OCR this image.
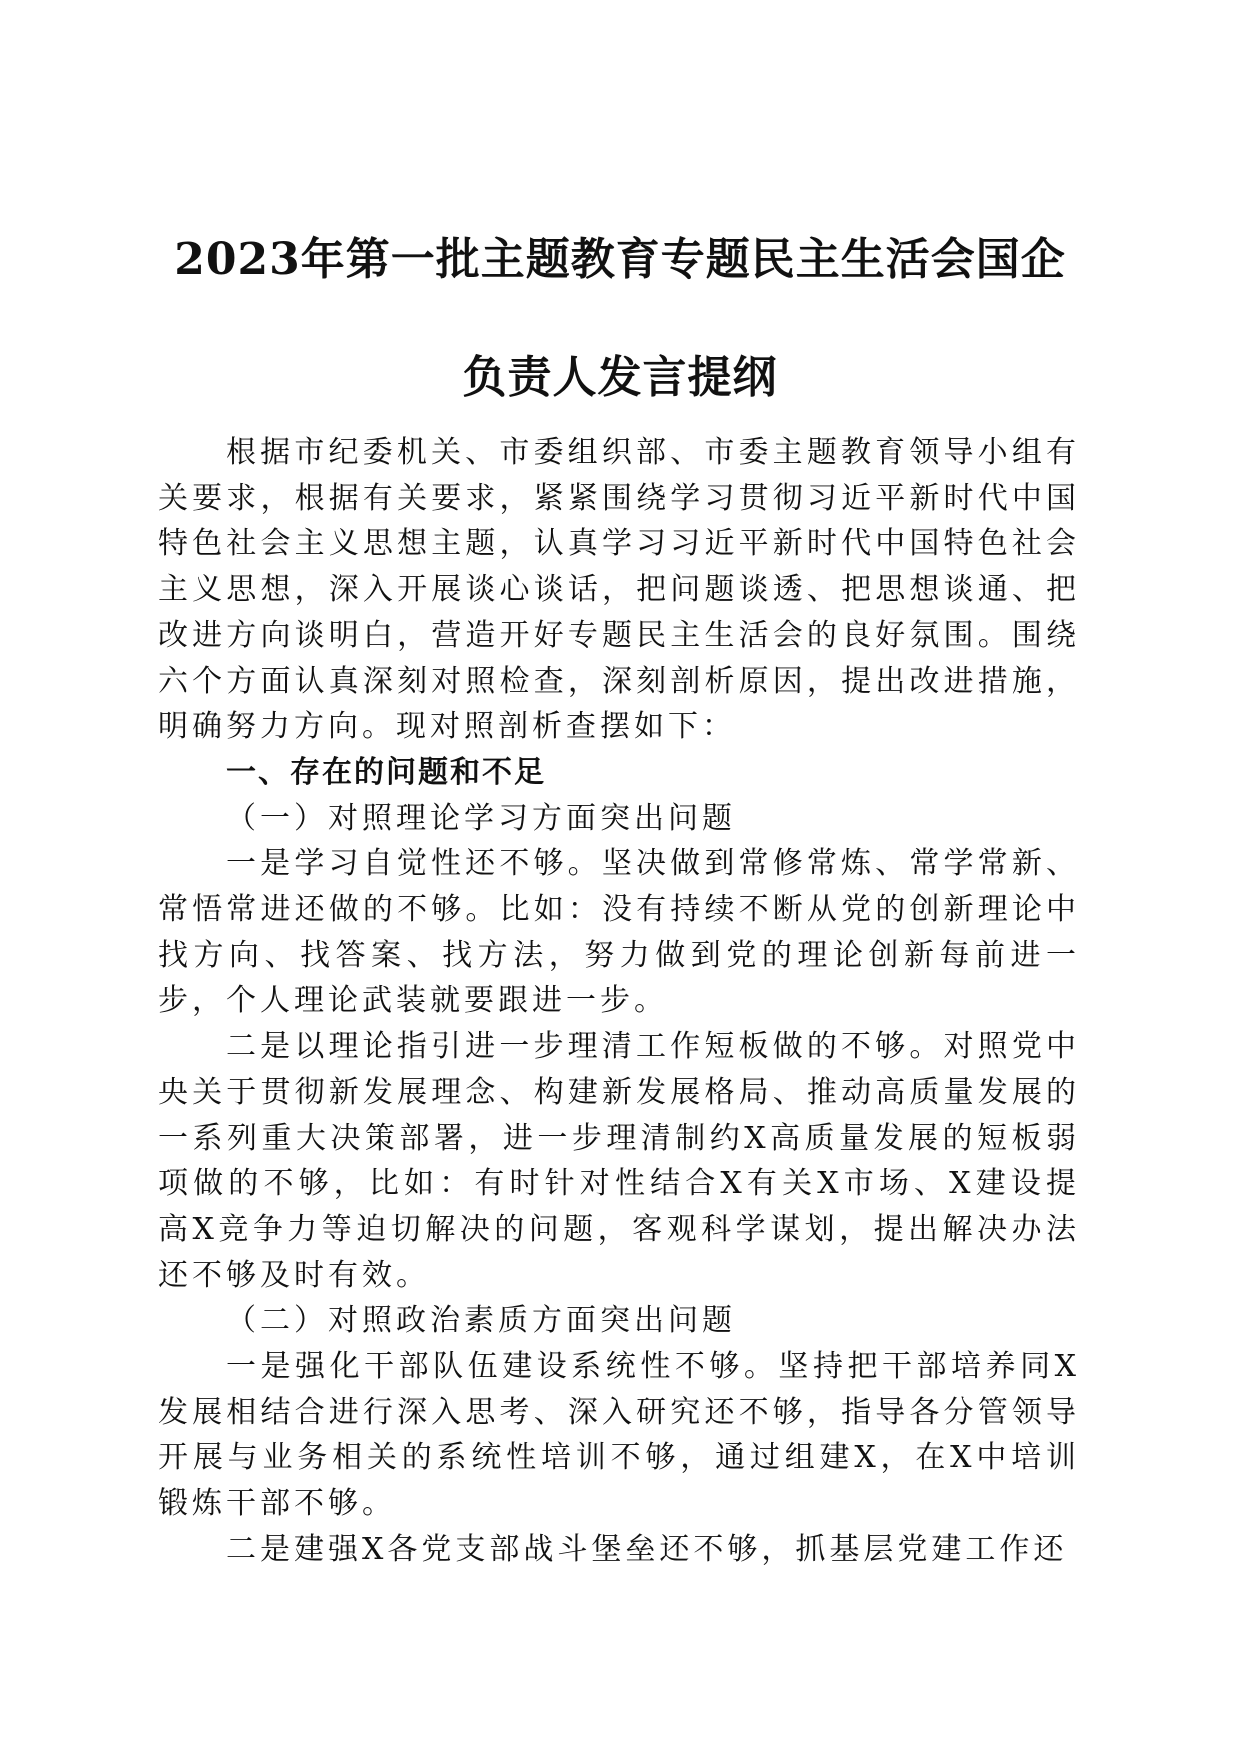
2023年第一批主题教育专题民主生活会国企
负责人发言提纲

根据市纪委机关、市委组织部、市委主题教育领导小组有关要求，根据有关要求，紧紧围绕学习贯彻习近平新时代中国特色社会主义思想主题，认真学习习近平新时代中国特色社会主义思想，深入开展谈心谈话，把问题谈透、把思想谈通、把改进方向谈明白，营造开好专题民主生活会的良好氛围。围绕六个方面认真深刻对照检查，深刻剖析原因，提出改进措施，明确努力方向。现对照剖析查摆如下：

一、存在的问题和不足

（一）对照理论学习方面突出问题

一是学习自觉性还不够。坚决做到常修常炼、常学常新、常悟常进还做的不够。比如：没有持续不断从党的创新理论中找方向、找答案、找方法，努力做到党的理论创新每前进一步，个人理论武装就要跟进一步。

二是以理论指引进一步理清工作短板做的不够。对照党中央关于贯彻新发展理念、构建新发展格局、推动高质量发展的一系列重大决策部署，进一步理清制约X高质量发展的短板弱项做的不够，比如：有时针对性结合X有关X市场、X建设提高X竞争力等迫切解决的问题，客观科学谋划，提出解决办法还不够及时有效。

（二）对照政治素质方面突出问题

一是强化干部队伍建设系统性不够。坚持把干部培养同X发展相结合进行深入思考、深入研究还不够，指导各分管领导开展与业务相关的系统性培训不够，通过组建X，在X中培训锻炼干部不够。

二是建强X各党支部战斗堡垒还不够，抓基层党建工作还
